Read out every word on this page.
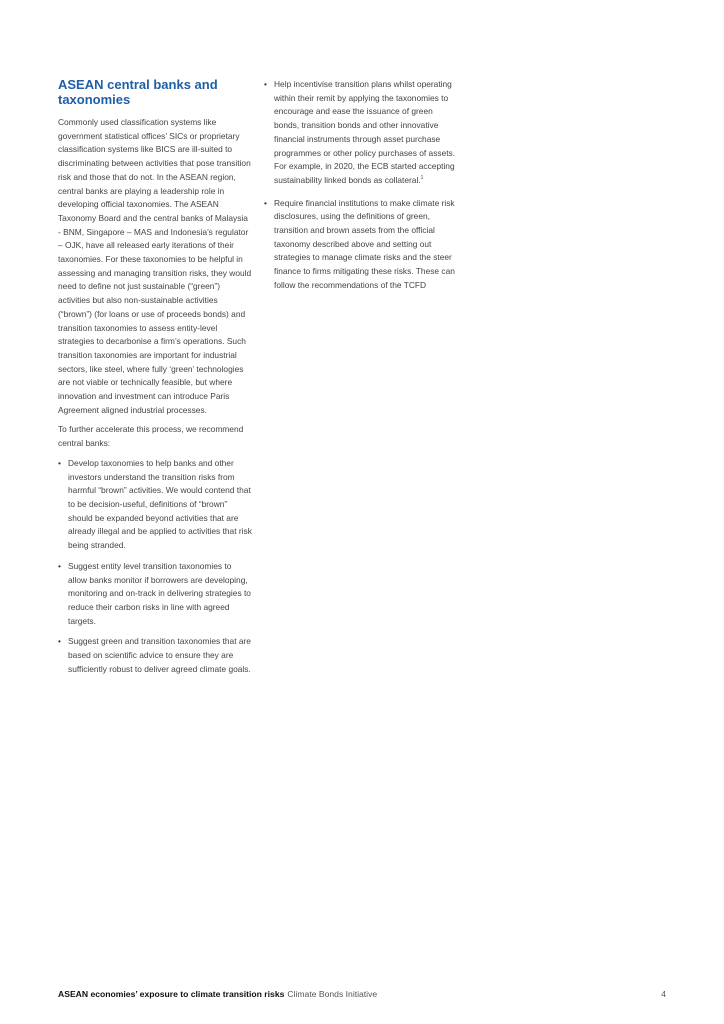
ASEAN central banks and taxonomies

Commonly used classification systems like government statistical offices’ SICs or proprietary classification systems like BICS are ill-suited to discriminating between activities that pose transition risk and those that do not. In the ASEAN region, central banks are playing a leadership role in developing official taxonomies. The ASEAN Taxonomy Board and the central banks of Malaysia - BNM, Singapore – MAS and Indonesia’s regulator – OJK, have all released early iterations of their taxonomies. For these taxonomies to be helpful in assessing and managing transition risks, they would need to define not just sustainable (“green”) activities but also non-sustainable activities (“brown”) (for loans or use of proceeds bonds) and transition taxonomies to assess entity-level strategies to decarbonise a firm’s operations. Such transition taxonomies are important for industrial sectors, like steel, where fully ‘green’ technologies are not viable or technically feasible, but where innovation and investment can introduce Paris Agreement aligned industrial processes.

To further accelerate this process, we recommend central banks:

• Develop taxonomies to help banks and other investors understand the transition risks from harmful “brown” activities. We would contend that to be decision-useful, definitions of “brown” should be expanded beyond activities that are already illegal and be applied to activities that risk being stranded.
• Suggest entity level transition taxonomies to allow banks monitor if borrowers are developing, monitoring and on-track in delivering strategies to reduce their carbon risks in line with agreed targets.
• Suggest green and transition taxonomies that are based on scientific advice to ensure they are sufficiently robust to deliver agreed climate goals.
• Help incentivise transition plans whilst operating within their remit by applying the taxonomies to encourage and ease the issuance of green bonds, transition bonds and other innovative financial instruments through asset purchase programmes or other policy purchases of assets. For example, in 2020, the ECB started accepting sustainability linked bonds as collateral.$^1$
• Require financial institutions to make climate risk disclosures, using the definitions of green, transition and brown assets from the official taxonomy described above and setting out strategies to manage climate risks and the steer finance to firms mitigating these risks. These can follow the recommendations of the TCFD
ASEAN economies’ exposure to climate transition risks Climate Bonds Initiative	4
